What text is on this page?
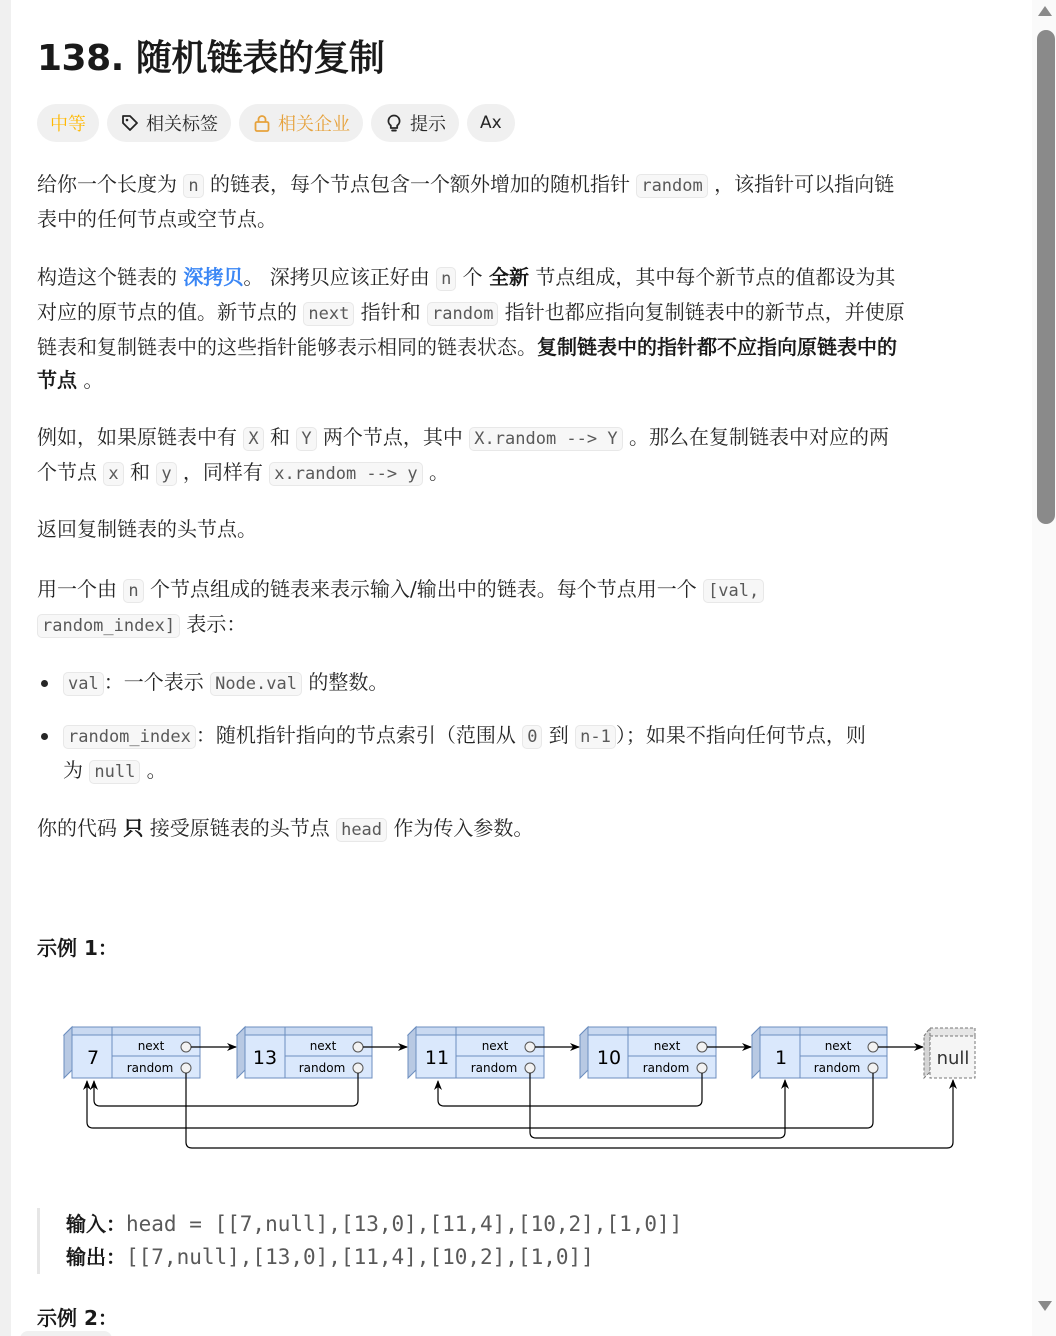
138. 随机链表的复制
中等	相关标签	相关企业	提示 Ax
给你一个长度为 n 的链表，每个节点包含一个额外增加的随机指针 random ，该指针可以指向链
表中的任何节点或空节点。
构造这个链表的 深拷贝。 深拷贝应该正好由 n 个 全新 节点组成，其中每个新节点的值都设为其
对应的原节点的值。新节点的 next 指针和 random 指针也都应指向复制链表中的新节点，并使原
链表和复制链表中的这些指针能够表示相同的链表状态。复制链表中的指针都不应指向原链表中的
节点 。
例如，如果原链表中有 X 和 Y 两个节点，其中 X.random --> Y 。那么在复制链表中对应的两
个节点 x 和 y ，同样有 x.random --> y 。
返回复制链表的头节点。
用一个由 n 个节点组成的链表来表示输入/输出中的链表。每个节点用一个 [val,
random_index] 表示：
val ：一个表示 Node.val 的整数。
random_index ：随机指针指向的节点索引（范围从 0 到 n-1 ）；如果不指向任何节点，则
为 null 。
你的代码 只 接受原链表的头节点 head 作为传入参数。
示例 1：
7
next
random	13
next
random	11
next
random	10
next
random	1
next
random	null
输入：head = [[7,null],[13,0],[11,4],[10,2],[1,0]]
输出：[[7,null],[13,0],[11,4],[10,2],[1,0]]
示例 2：
